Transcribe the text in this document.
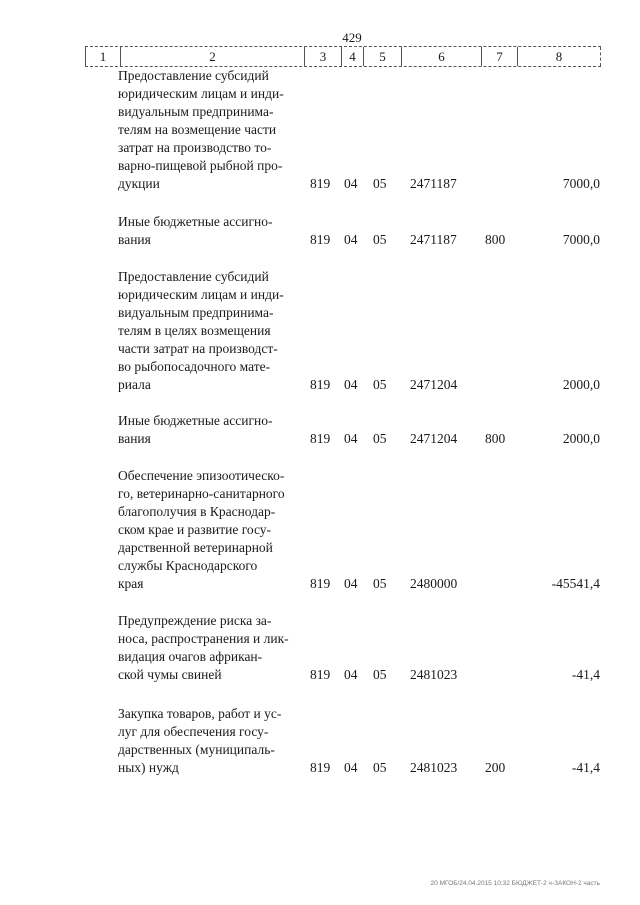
429
1	2	3	4	5	6	7	8
Предоставление субсидий
юридическим лицам и инди-
видуальным предпринима-
телям на возмещение части
затрат на производство то-
варно-пищевой рыбной про-
дукции	819 04 05 2471187	7000,0
Иные бюджетные ассигно-
вания	819 04 05 2471187 800	7000,0
Предоставление субсидий
юридическим лицам и инди-
видуальным предпринима-
телям в целях возмещения
части затрат на производст-
во рыбопосадочного мате-
риала	819 04 05 2471204	2000,0
Иные бюджетные ассигно-
вания	819 04 05 2471204 800	2000,0
Обеспечение эпизоотическо-
го, ветеринарно-санитарного
благополучия в Краснодар-
ском крае и развитие госу-
дарственной ветеринарной
службы Краснодарского
края	819 04 05 2480000	-45541,4
Предупреждение риска за-
носа, распространения и лик-
видация очагов африкан-
ской чумы свиней	819 04 05 2481023	-41,4
Закупка товаров, работ и ус-
луг для обеспечения госу-
дарственных (муниципаль-
ных) нужд	819 04 05 2481023 200	-41,4
20 МГОБ/24.04.2015 10:32 БЮДЖЕТ-2 ч-ЗАКОН-2 часть
